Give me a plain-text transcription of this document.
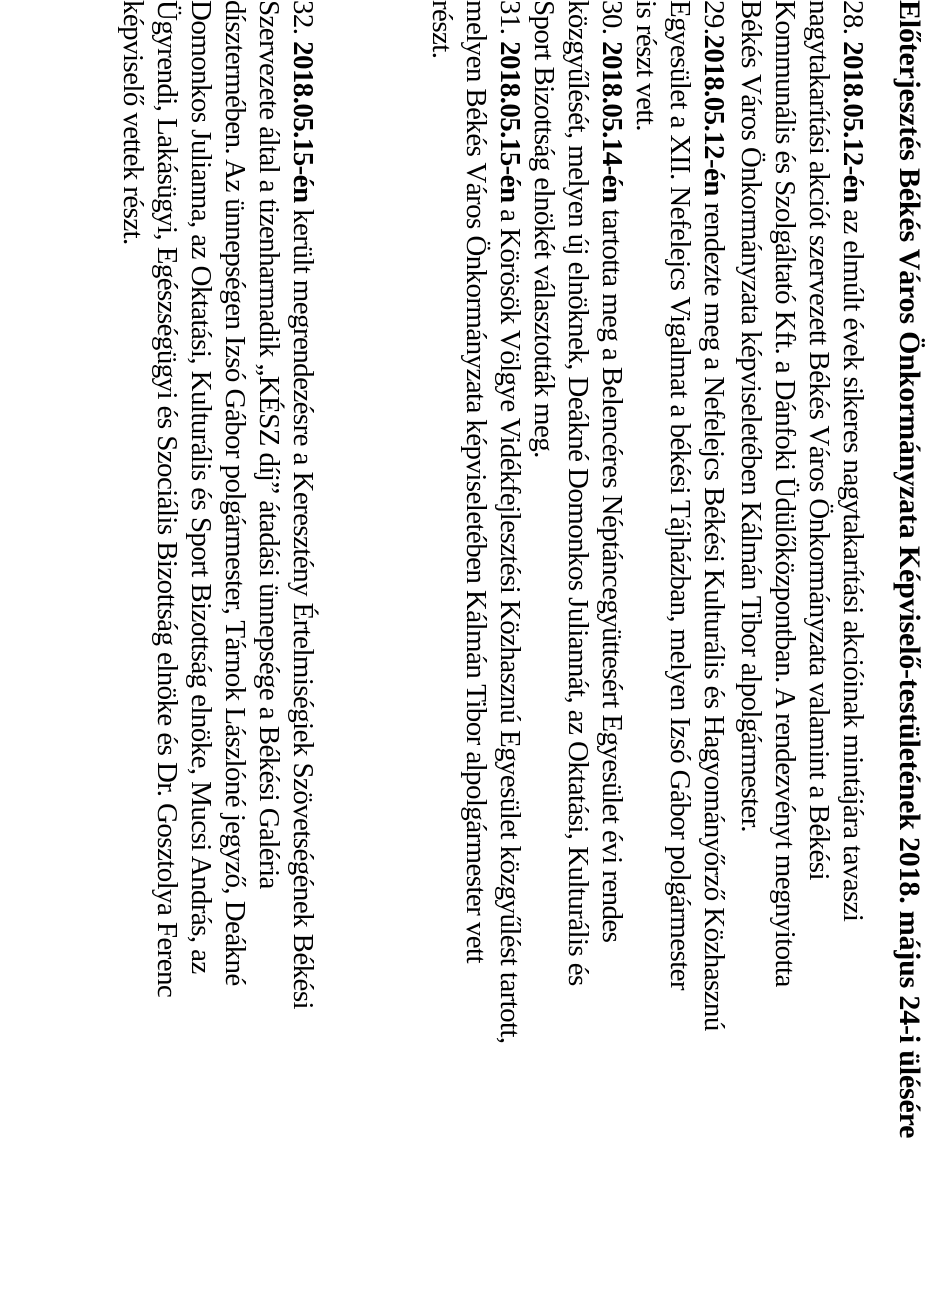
Előterjesztés Békés Város Önkormányzata Képviselő-testületének 2018. május 24-i ülésére
28. 2018.05.12-én az elmúlt évek sikeres nagytakarítási akcióinak mintájára tavaszi
nagytakarítási akciót szervezett Békés Város Önkormányzata valamint a Békési
Kommunális és Szolgáltató Kft. a Dánfoki Üdülőközpontban. A rendezvényt megnyitotta
Békés Város Önkormányzata képviseletében Kálmán Tibor alpolgármester.
29.2018.05.12-én rendezte meg a Nefelejcs Békési Kulturális és Hagyományőrző Közhasznú
Egyesület a XII. Nefelejcs Vigalmat a békési Tájházban, melyen Izsó Gábor polgármester
is részt vett.
30. 2018.05.14-én tartotta meg a Belencéres Néptáncegyüttesért Egyesület évi rendes
közgyűlését, melyen új elnöknek, Deákné Domonkos Juliannát, az Oktatási, Kulturális és
Sport Bizottság elnökét választották meg.
31. 2018.05.15-én a Körösök Völgye Vidékfejlesztési Közhasznú Egyesület közgyűlést tartott,
melyen Békés Város Önkormányzata képviseletében Kálmán Tibor alpolgármester vett
részt.
32. 2018.05.15-én került megrendezésre a Keresztény Értelmiségiek Szövetségének Békési
Szervezete által a tizenharmadik „KÉSZ díj” átadási ünnepsége a Békési Galéria
dísztermében. Az ünnepségen Izsó Gábor polgármester, Tárnok Lászlóné jegyző, Deákné
Domonkos Julianna, az Oktatási, Kulturális és Sport Bizottság elnöke, Mucsi András, az
Ügyrendi, Lakásügyi, Egészségügyi és Szociális Bizottság elnöke és Dr. Gosztolya Ferenc
képviselő vettek részt.
